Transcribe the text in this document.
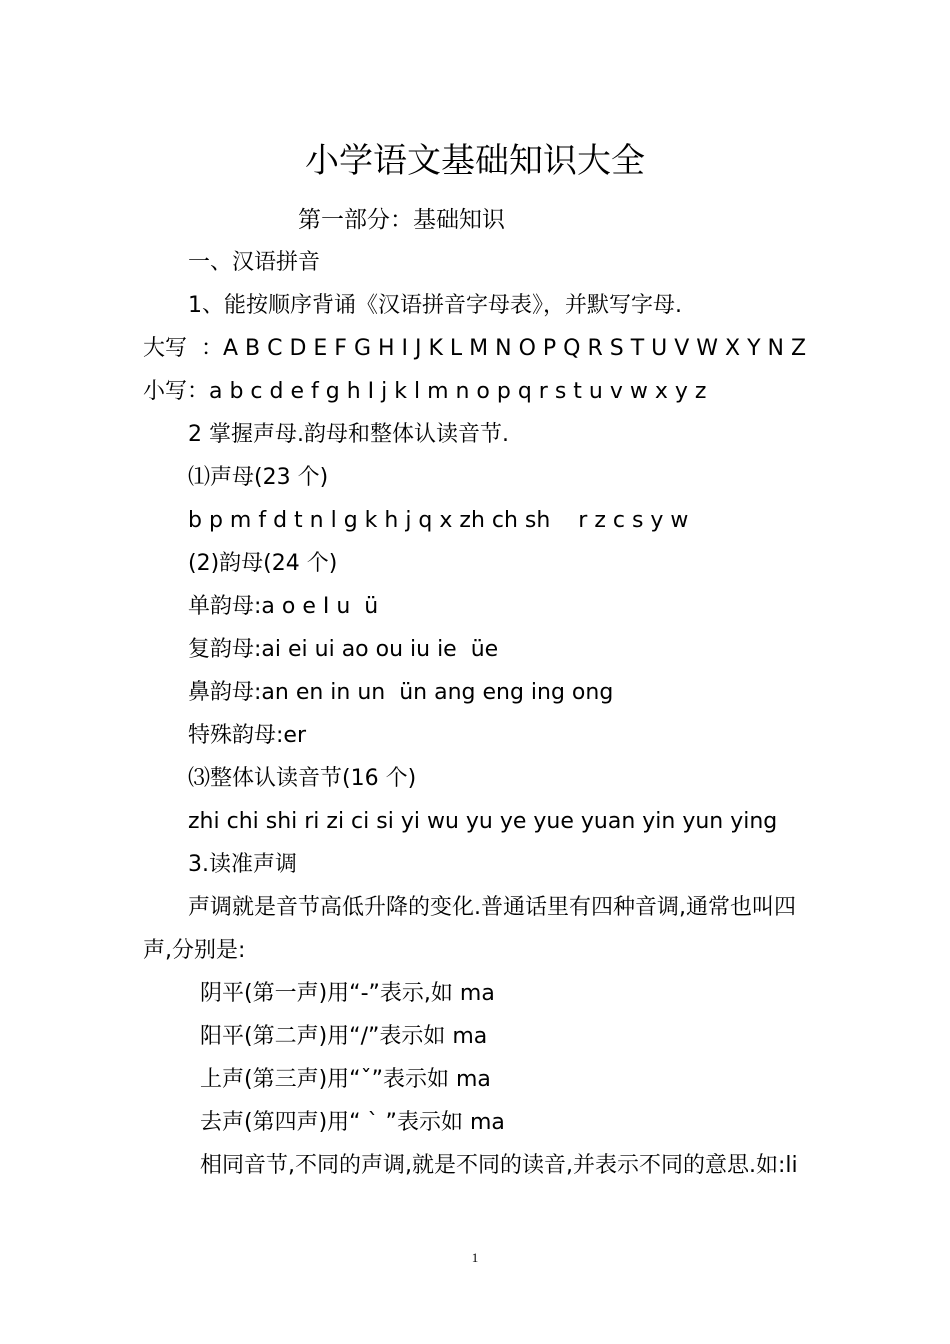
小学语文基础知识大全
第一部分：基础知识
一、汉语拼音
1、能按顺序背诵《汉语拼音字母表》，并默写字母.
大写  ：A B C D E F G H I J K L M N O P Q R S T U V W X Y N Z
小写：a b c d e f g h I j k l m n o p q r s t u v w x y z
2 掌握声母.韵母和整体认读音节.
⑴声母(23 个)
b p m f d t n l g k h j q x zh ch sh    r z c s y w
(2)韵母(24 个)
单韵母:a o e I u  ü
复韵母:ai ei ui ao ou iu ie  üe
鼻韵母:an en in un  ün ang eng ing ong
特殊韵母:er
⑶整体认读音节(16 个)
zhi chi shi ri zi ci si yi wu yu ye yue yuan yin yun ying
3.读准声调
声调就是音节高低升降的变化.普通话里有四种音调,通常也叫四
声,分别是:
阴平(第一声)用“-”表示,如 ma
阳平(第二声)用“/”表示如 ma
上声(第三声)用“ˇ”表示如 ma
去声(第四声)用“ ` ”表示如 ma
相同音节,不同的声调,就是不同的读音,并表示不同的意思.如:li
1
